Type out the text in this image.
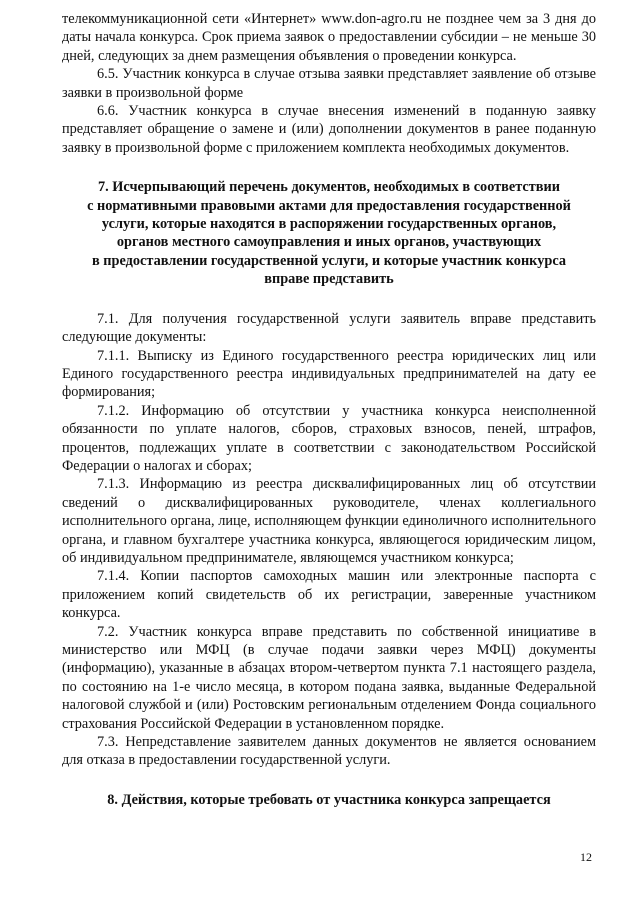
телекоммуникационной сети «Интернет» www.don-agro.ru не позднее чем за 3 дня до даты начала конкурса. Срок приема заявок о предоставлении субсидии – не меньше 30 дней, следующих за днем размещения объявления о проведении конкурса.

6.5. Участник конкурса в случае отзыва заявки представляет заявление об отзыве заявки в произвольной форме

6.6. Участник конкурса в случае внесения изменений в поданную заявку представляет обращение о замене и (или) дополнении документов в ранее поданную заявку в произвольной форме с приложением комплекта необходимых документов.

7. Исчерпывающий перечень документов, необходимых в соответствии
с нормативными правовыми актами для предоставления государственной
услуги, которые находятся в распоряжении государственных органов,
органов местного самоуправления и иных органов, участвующих
в предоставлении государственной услуги, и которые участник конкурса
вправе представить

7.1. Для получения государственной услуги заявитель вправе представить следующие документы:

7.1.1. Выписку из Единого государственного реестра юридических лиц или Единого государственного реестра индивидуальных предпринимателей на дату ее формирования;

7.1.2. Информацию об отсутствии у участника конкурса неисполненной обязанности по уплате налогов, сборов, страховых взносов, пеней, штрафов, процентов, подлежащих уплате в соответствии с законодательством Российской Федерации о налогах и сборах;

7.1.3. Информацию из реестра дисквалифицированных лиц об отсутствии сведений о дисквалифицированных руководителе, членах коллегиального исполнительного органа, лице, исполняющем функции единоличного исполнительного органа, и главном бухгалтере участника конкурса, являющегося юридическим лицом, об индивидуальном предпринимателе, являющемся участником конкурса;

7.1.4. Копии паспортов самоходных машин или электронные паспорта с приложением копий свидетельств об их регистрации, заверенные участником конкурса.

7.2. Участник конкурса вправе представить по собственной инициативе в министерство или МФЦ (в случае подачи заявки через МФЦ) документы (информацию), указанные в абзацах втором-четвертом пункта 7.1 настоящего раздела, по состоянию на 1-е число месяца, в котором подана заявка, выданные Федеральной налоговой службой и (или) Ростовским региональным отделением Фонда социального страхования Российской Федерации в установленном порядке.

7.3. Непредставление заявителем данных документов не является основанием для отказа в предоставлении государственной услуги.

8. Действия, которые требовать от участника конкурса запрещается
12
